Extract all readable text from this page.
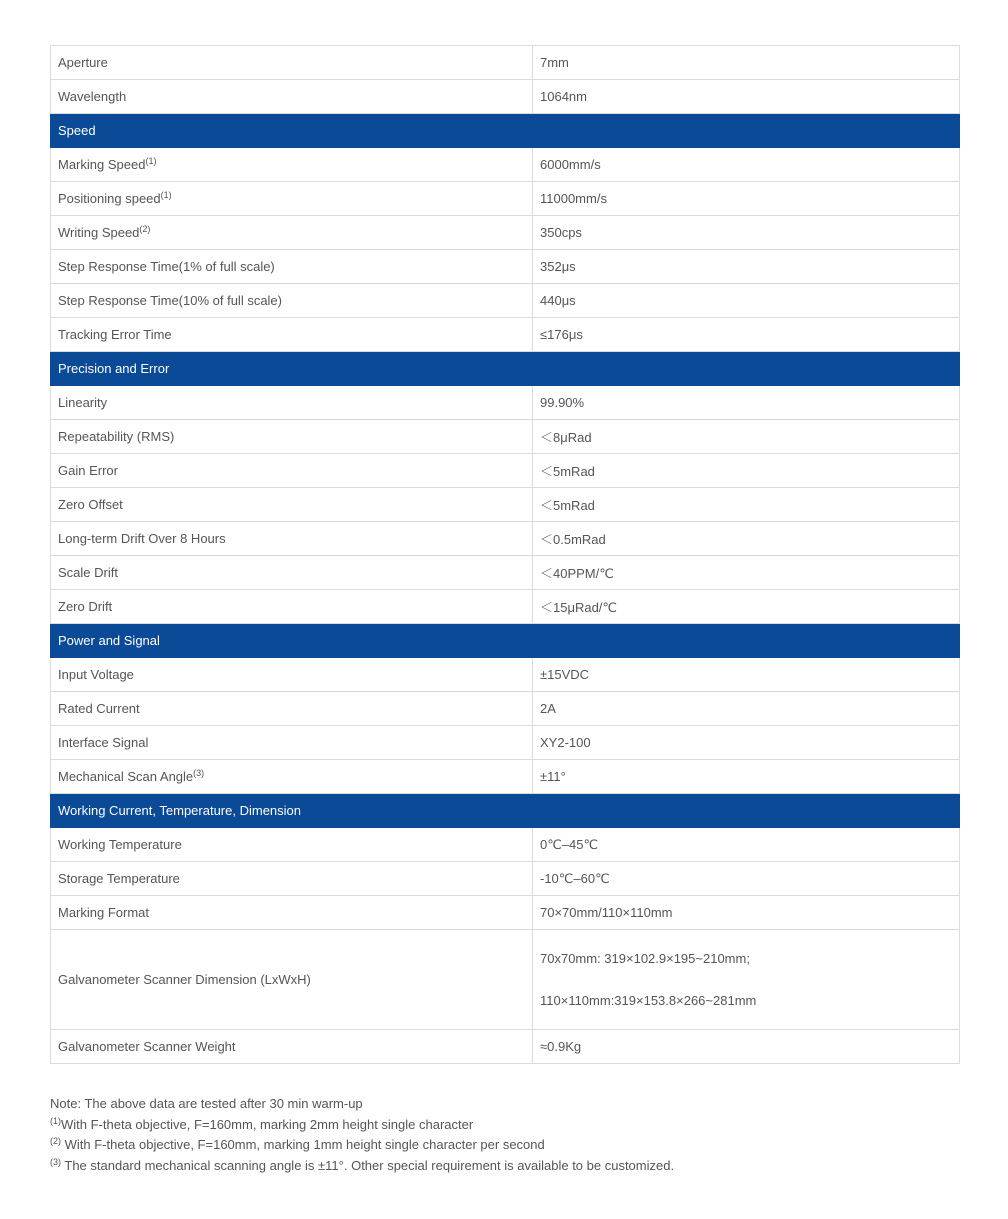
Aperture	7mm
Wavelength	1064nm
Speed	
Marking Speed$^{(1)}$	6000mm/s
Positioning speed$^{(1)}$	11000mm/s
Writing Speed$^{(2)}$	350cps
Step Response Time(1% of full scale)	352μs
Step Response Time(10% of full scale)	440μs
Tracking Error Time	≤176μs
Precision and Error	
Linearity	99.90%
Repeatability (RMS)	＜8μRad
Gain Error	＜5mRad
Zero Offset	＜5mRad
Long-term Drift Over 8 Hours	＜0.5mRad
Scale Drift	＜40PPM/℃
Zero Drift	＜15μRad/℃
Power and Signal	
Input Voltage	±15VDC
Rated Current	2A
Interface Signal	XY2-100
Mechanical Scan Angle$^{(3)}$	±11°
Working Current, Temperature, Dimension	
Working Temperature	0℃–45℃
Storage Temperature	-10℃–60℃
Marking Format	70×70mm/110×110mm
Galvanometer Scanner Dimension (LxWxH)	70x70mm: 319×102.9×195~210mm;
110×110mm:319×153.8×266~281mm

Galvanometer Scanner Weight	≈0.9Kg
Note: The above data are tested after 30 min warm-up
$^{(1)}$With F-theta objective, F=160mm, marking 2mm height single character
$^{(2)}$ With F-theta objective, F=160mm, marking 1mm height single character per second
$^{(3)}$ The standard mechanical scanning angle is ±11°. Other special requirement is available to be customized.
